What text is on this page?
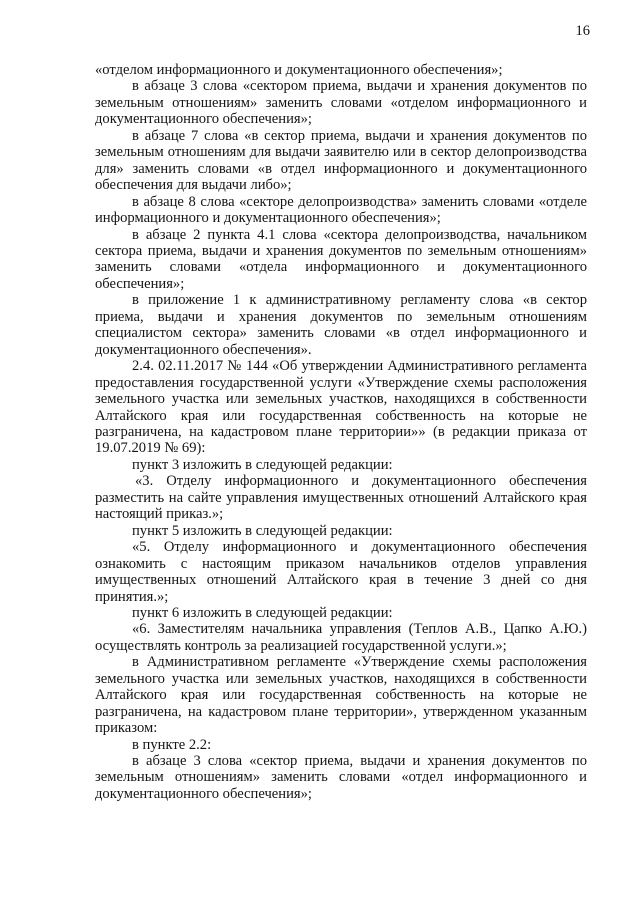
16

«отделом информационного и документационного обеспечения»;

в абзаце 3 слова «сектором приема, выдачи и хранения документов по земельным отношениям» заменить словами «отделом информационного и документационного обеспечения»;

в абзаце 7 слова «в сектор приема, выдачи и хранения документов по земельным отношениям для выдачи заявителю или в сектор делопроизводства для» заменить словами «в отдел информационного и документационного обеспечения для выдачи либо»;

в абзаце 8 слова «секторе делопроизводства» заменить словами «отделе информационного и документационного обеспечения»;

в абзаце 2 пункта 4.1 слова «сектора делопроизводства, начальником сектора приема, выдачи и хранения документов по земельным отношениям» заменить словами «отдела информационного и документационного обеспечения»;

в приложение 1 к административному регламенту слова «в сектор приема, выдачи и хранения документов по земельным отношениям специалистом сектора» заменить словами «в отдел информационного и документационного обеспечения».

2.4. 02.11.2017 № 144 «Об утверждении Административного регламента предоставления государственной услуги «Утверждение схемы расположения земельного участка или земельных участков, находящихся в собственности Алтайского края или государственная собственность на которые не разграничена, на кадастровом плане территории»» (в редакции приказа от 19.07.2019 № 69):

пункт 3 изложить в следующей редакции:

«3. Отделу информационного и документационного обеспечения разместить на сайте управления имущественных отношений Алтайского края настоящий приказ.»;

пункт 5 изложить в следующей редакции:

«5. Отделу информационного и документационного обеспечения ознакомить с настоящим приказом начальников отделов управления имущественных отношений Алтайского края в течение 3 дней со дня принятия.»;

пункт 6 изложить в следующей редакции:

«6. Заместителям начальника управления (Теплов А.В., Цапко А.Ю.) осуществлять контроль за реализацией государственной услуги.»;

в Административном регламенте «Утверждение схемы расположения земельного участка или земельных участков, находящихся в собственности Алтайского края или государственная собственность на которые не разграничена, на кадастровом плане территории», утвержденном указанным приказом:

в пункте 2.2:

в абзаце 3 слова «сектор приема, выдачи и хранения документов по земельным отношениям» заменить словами «отдел информационного и документационного обеспечения»;
